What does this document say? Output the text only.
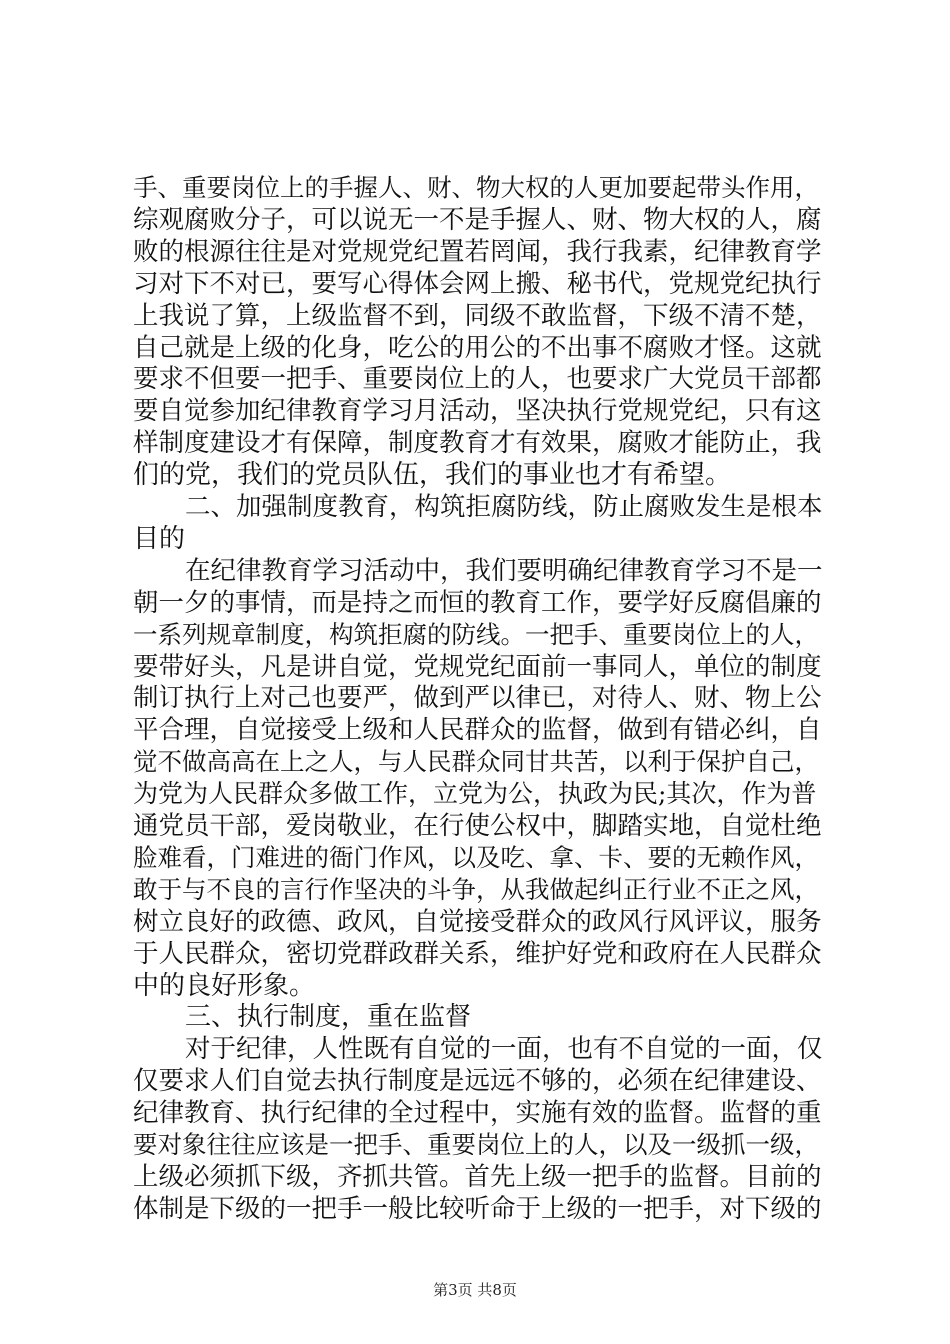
手、重要岗位上的手握人、财、物大权的人更加要起带头作用，
综观腐败分子，可以说无一不是手握人、财、物大权的人，腐
败的根源往往是对党规党纪置若罔闻，我行我素，纪律教育学
习对下不对已，要写心得体会网上搬、秘书代，党规党纪执行
上我说了算，上级监督不到，同级不敢监督，下级不清不楚，
自己就是上级的化身，吃公的用公的不出事不腐败才怪。这就
要求不但要一把手、重要岗位上的人，也要求广大党员干部都
要自觉参加纪律教育学习月活动，坚决执行党规党纪，只有这
样制度建设才有保障，制度教育才有效果，腐败才能防止，我
们的党，我们的党员队伍，我们的事业也才有希望。
二、加强制度教育，构筑拒腐防线，防止腐败发生是根本
目的
在纪律教育学习活动中，我们要明确纪律教育学习不是一
朝一夕的事情，而是持之而恒的教育工作，要学好反腐倡廉的
一系列规章制度，构筑拒腐的防线。一把手、重要岗位上的人，
要带好头，凡是讲自觉，党规党纪面前一事同人，单位的制度
制订执行上对己也要严，做到严以律已，对待人、财、物上公
平合理，自觉接受上级和人民群众的监督，做到有错必纠，自
觉不做高高在上之人，与人民群众同甘共苦，以利于保护自己，
为党为人民群众多做工作，立党为公，执政为民;其次，作为普
通党员干部，爱岗敬业，在行使公权中，脚踏实地，自觉杜绝
脸难看，门难进的衙门作风，以及吃、拿、卡、要的无赖作风，
敢于与不良的言行作坚决的斗争，从我做起纠正行业不正之风，
树立良好的政德、政风，自觉接受群众的政风行风评议，服务
于人民群众，密切党群政群关系，维护好党和政府在人民群众
中的良好形象。
三、执行制度，重在监督
对于纪律，人性既有自觉的一面，也有不自觉的一面，仅
仅要求人们自觉去执行制度是远远不够的，必须在纪律建设、
纪律教育、执行纪律的全过程中，实施有效的监督。监督的重
要对象往往应该是一把手、重要岗位上的人，以及一级抓一级，
上级必须抓下级，齐抓共管。首先上级一把手的监督。目前的
体制是下级的一把手一般比较听命于上级的一把手，对下级的
第3页 共8页
